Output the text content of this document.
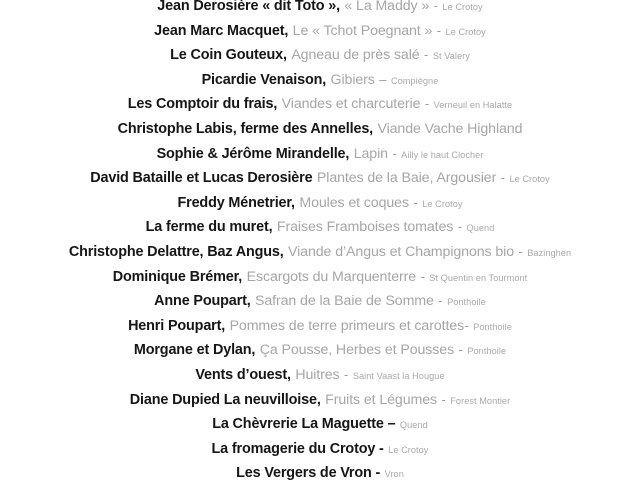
Jean Derosière « dit Toto », « La Maddy » - Le Crotoy
Jean Marc Macquet, Le « Tchot Poegnant » - Le Crotoy
Le Coin Gouteux, Agneau de près salé - St Valery
Picardie Venaison, Gibiers – Compiègne
Les Comptoir du frais, Viandes et charcuterie - Verneuil en Halatte
Christophe Labis, ferme des Annelles, Viande Vache Highland
Sophie & Jérôme Mirandelle, Lapin - Ailly le haut Clocher
David Bataille et Lucas Derosière Plantes de la Baie, Argousier - Le Crotoy
Freddy Ménetrier, Moules et coques - Le Crotoy
La ferme du muret, Fraises Framboises tomates - Quend
Christophe Delattre, Baz Angus, Viande d’Angus et Champignons bio - Bazinghen
Dominique Brémer, Escargots du Marquenterre - St Quentin en Tourmont
Anne Poupart, Safran de la Baie de Somme - Ponthoile
Henri Poupart, Pommes de terre primeurs et carottes- Ponthoile
Morgane et Dylan, Ça Pousse, Herbes et Pousses - Ponthoile
Vents d’ouest, Huitres - Saint Vaast la Hougue
Diane Dupied La neuvilloise, Fruits et Légumes - Forest Montier
La Chèvrerie La Maguette – Quend
La fromagerie du Crotoy - Le Crotoy
Les Vergers de Vron - Vron
